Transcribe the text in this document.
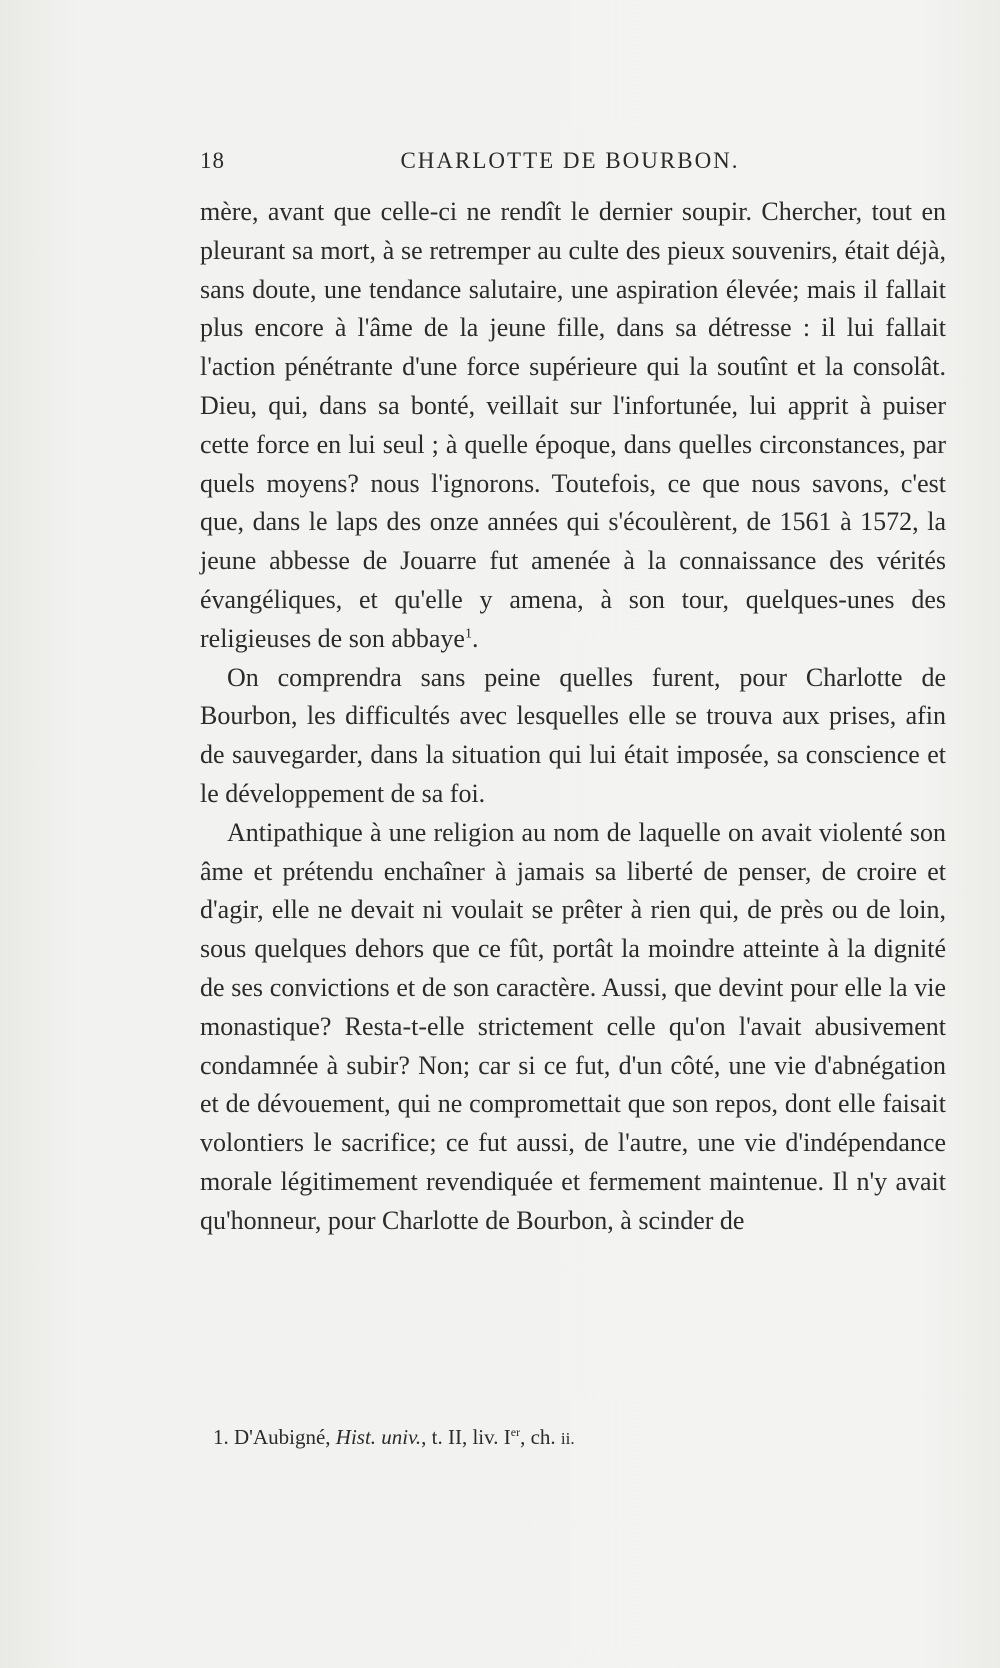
18	CHARLOTTE DE BOURBON.

mère, avant que celle-ci ne rendît le dernier soupir. Chercher, tout en pleurant sa mort, à se retremper au culte des pieux souvenirs, était déjà, sans doute, une tendance salutaire, une aspiration élevée; mais il fallait plus encore à l'âme de la jeune fille, dans sa détresse : il lui fallait l'action pénétrante d'une force supérieure qui la soutînt et la consolât. Dieu, qui, dans sa bonté, veillait sur l'infortunée, lui apprit à puiser cette force en lui seul ; à quelle époque, dans quelles circonstances, par quels moyens? nous l'ignorons. Toutefois, ce que nous savons, c'est que, dans le laps des onze années qui s'écoulèrent, de 1561 à 1572, la jeune abbesse de Jouarre fut amenée à la connaissance des vérités évangéliques, et qu'elle y amena, à son tour, quelques-unes des religieuses de son abbaye$^1$.

On comprendra sans peine quelles furent, pour Charlotte de Bourbon, les difficultés avec lesquelles elle se trouva aux prises, afin de sauvegarder, dans la situation qui lui était imposée, sa conscience et le développement de sa foi.

Antipathique à une religion au nom de laquelle on avait violenté son âme et prétendu enchaîner à jamais sa liberté de penser, de croire et d'agir, elle ne devait ni voulait se prêter à rien qui, de près ou de loin, sous quelques dehors que ce fût, portât la moindre atteinte à la dignité de ses convictions et de son caractère. Aussi, que devint pour elle la vie monastique? Resta-t-elle strictement celle qu'on l'avait abusivement condamnée à subir? Non; car si ce fut, d'un côté, une vie d'abnégation et de dévouement, qui ne compromettait que son repos, dont elle faisait volontiers le sacrifice; ce fut aussi, de l'autre, une vie d'indépendance morale légitimement revendiquée et fermement maintenue. Il n'y avait qu'honneur, pour Charlotte de Bourbon, à scinder de

1. D'Aubigné, Hist. univ., t. II, liv. Ier, ch. ii.
